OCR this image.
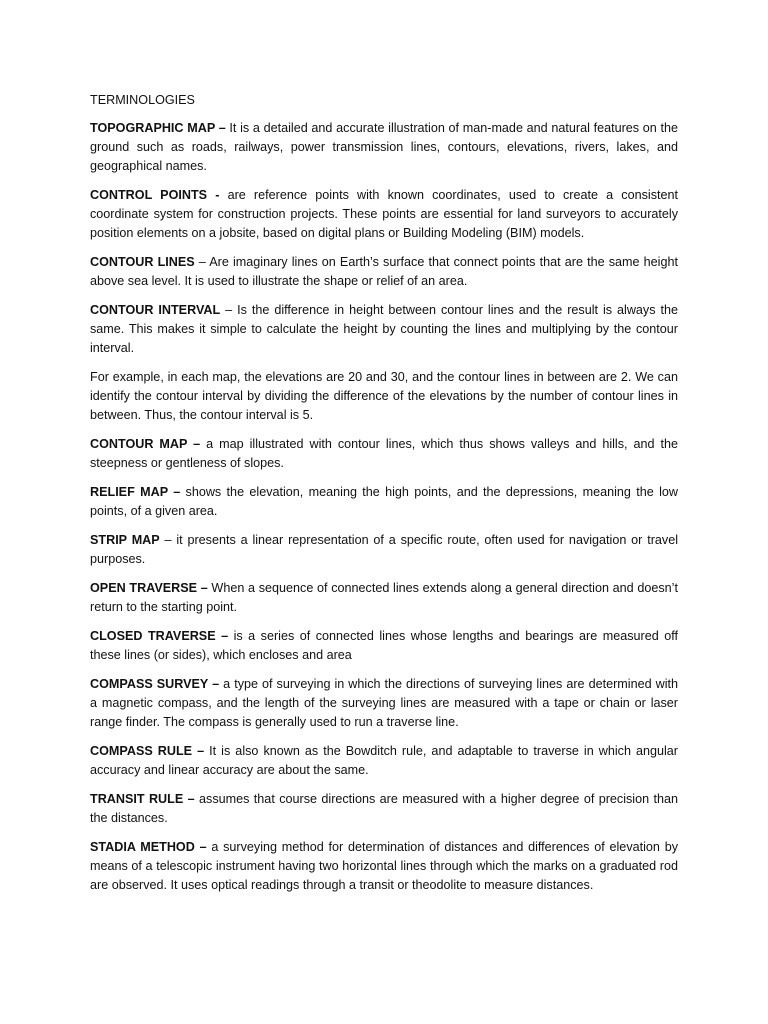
TERMINOLOGIES

TOPOGRAPHIC MAP – It is a detailed and accurate illustration of man-made and natural features on the ground such as roads, railways, power transmission lines, contours, elevations, rivers, lakes, and geographical names.

CONTROL POINTS - are reference points with known coordinates, used to create a consistent coordinate system for construction projects. These points are essential for land surveyors to accurately position elements on a jobsite, based on digital plans or Building Modeling (BIM) models.

CONTOUR LINES – Are imaginary lines on Earth’s surface that connect points that are the same height above sea level. It is used to illustrate the shape or relief of an area.

CONTOUR INTERVAL – Is the difference in height between contour lines and the result is always the same. This makes it simple to calculate the height by counting the lines and multiplying by the contour interval.

For example, in each map, the elevations are 20 and 30, and the contour lines in between are 2. We can identify the contour interval by dividing the difference of the elevations by the number of contour lines in between. Thus, the contour interval is 5.

CONTOUR MAP – a map illustrated with contour lines, which thus shows valleys and hills, and the steepness or gentleness of slopes.

RELIEF MAP – shows the elevation, meaning the high points, and the depressions, meaning the low points, of a given area.

STRIP MAP – it presents a linear representation of a specific route, often used for navigation or travel purposes.

OPEN TRAVERSE – When a sequence of connected lines extends along a general direction and doesn’t return to the starting point.

CLOSED TRAVERSE – is a series of connected lines whose lengths and bearings are measured off these lines (or sides), which encloses and area

COMPASS SURVEY – a type of surveying in which the directions of surveying lines are determined with a magnetic compass, and the length of the surveying lines are measured with a tape or chain or laser range finder. The compass is generally used to run a traverse line.

COMPASS RULE – It is also known as the Bowditch rule, and adaptable to traverse in which angular accuracy and linear accuracy are about the same.

TRANSIT RULE – assumes that course directions are measured with a higher degree of precision than the distances.

STADIA METHOD – a surveying method for determination of distances and differences of elevation by means of a telescopic instrument having two horizontal lines through which the marks on a graduated rod are observed. It uses optical readings through a transit or theodolite to measure distances.
